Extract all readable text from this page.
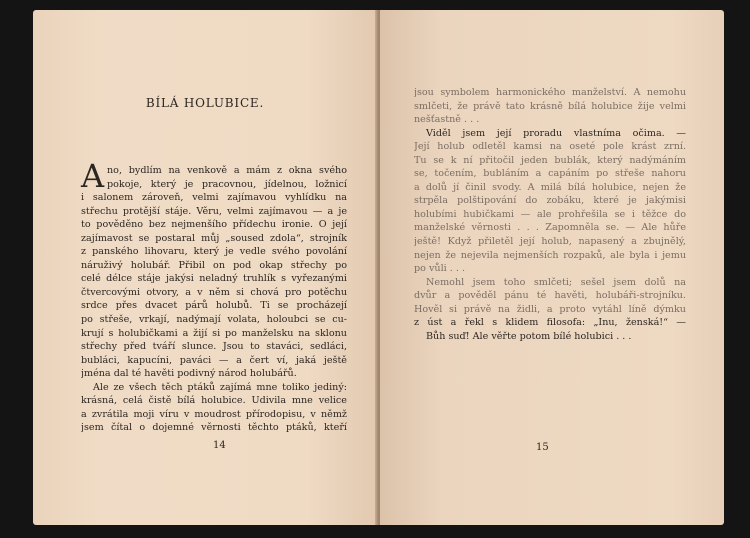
BÍLÁ HOLUBICE.
A no, bydlím na venkově a mám z okna svého
pokoje, který je pracovnou, jídelnou, ložnicí
i salonem zároveň, velmi zajímavou vyhlídku na
střechu protější stáje. Věru, velmi zajímavou — a je
to pověděno bez nejmenšího přídechu ironie. O její
zajímavost se postaral můj „soused zdola“, strojník
z panského lihovaru, který je vedle svého povolání
náruživý holubář. Přibil on pod okap střechy po
celé délce stáje jakýsi neladný truhlík s vyřezanými
čtvercovými otvory, a v něm si chová pro potěchu
srdce přes dvacet párů holubů. Ti se procházejí
po střeše, vrkají, nadýmají volata, holoubci se cu-
krují s holubičkami a žijí si po manželsku na sklonu
střechy před tváří slunce. Jsou to staváci, sedláci,
bubláci, kapucíni, paváci — a čert ví, jaká ještě
jména dal té havěti podivný národ holubářů.
Ale ze všech těch ptáků zajímá mne toliko jediný:
krásná, celá čistě bílá holubice. Udivila mne velice
a zvrátila moji víru v moudrost přírodopisu, v němž
jsem čítal o dojemné věrnosti těchto ptáků, kteří
14
jsou symbolem harmonického manželství. A nemohu
smlčeti, že právě tato krásně bílá holubice žije velmi
nešťastně . . .
Viděl jsem její proradu vlastníma očima. —
Její holub odletěl kamsi na oseté pole krást zrní.
Tu se k ní přitočil jeden bublák, který nadýmáním
se, točením, bubláním a capáním po střeše nahoru
a dolů jí činil svody. A milá bílá holubice, nejen že
strpěla polštipování do zobáku, které je jakýmisi
holubími hubičkami — ale prohřešila se i těžce do
manželské věrnosti . . . Zapomněla se. — Ale hůře
ještě! Když přiletěl její holub, napasený a zbujnělý,
nejen že nejevila nejmenších rozpaků, ale byla i jemu
po vůli . . .
Nemohl jsem toho smlčeti; sešel jsem dolů na
dvůr a pověděl pánu té havěti, holubáři-strojníku.
Hověl si právě na židli, a proto vytáhl líně dýmku
z úst a řekl s klidem filosofa: „Inu, ženská!“ —
Bůh suď! Ale věřte potom bílé holubici . . .
15
